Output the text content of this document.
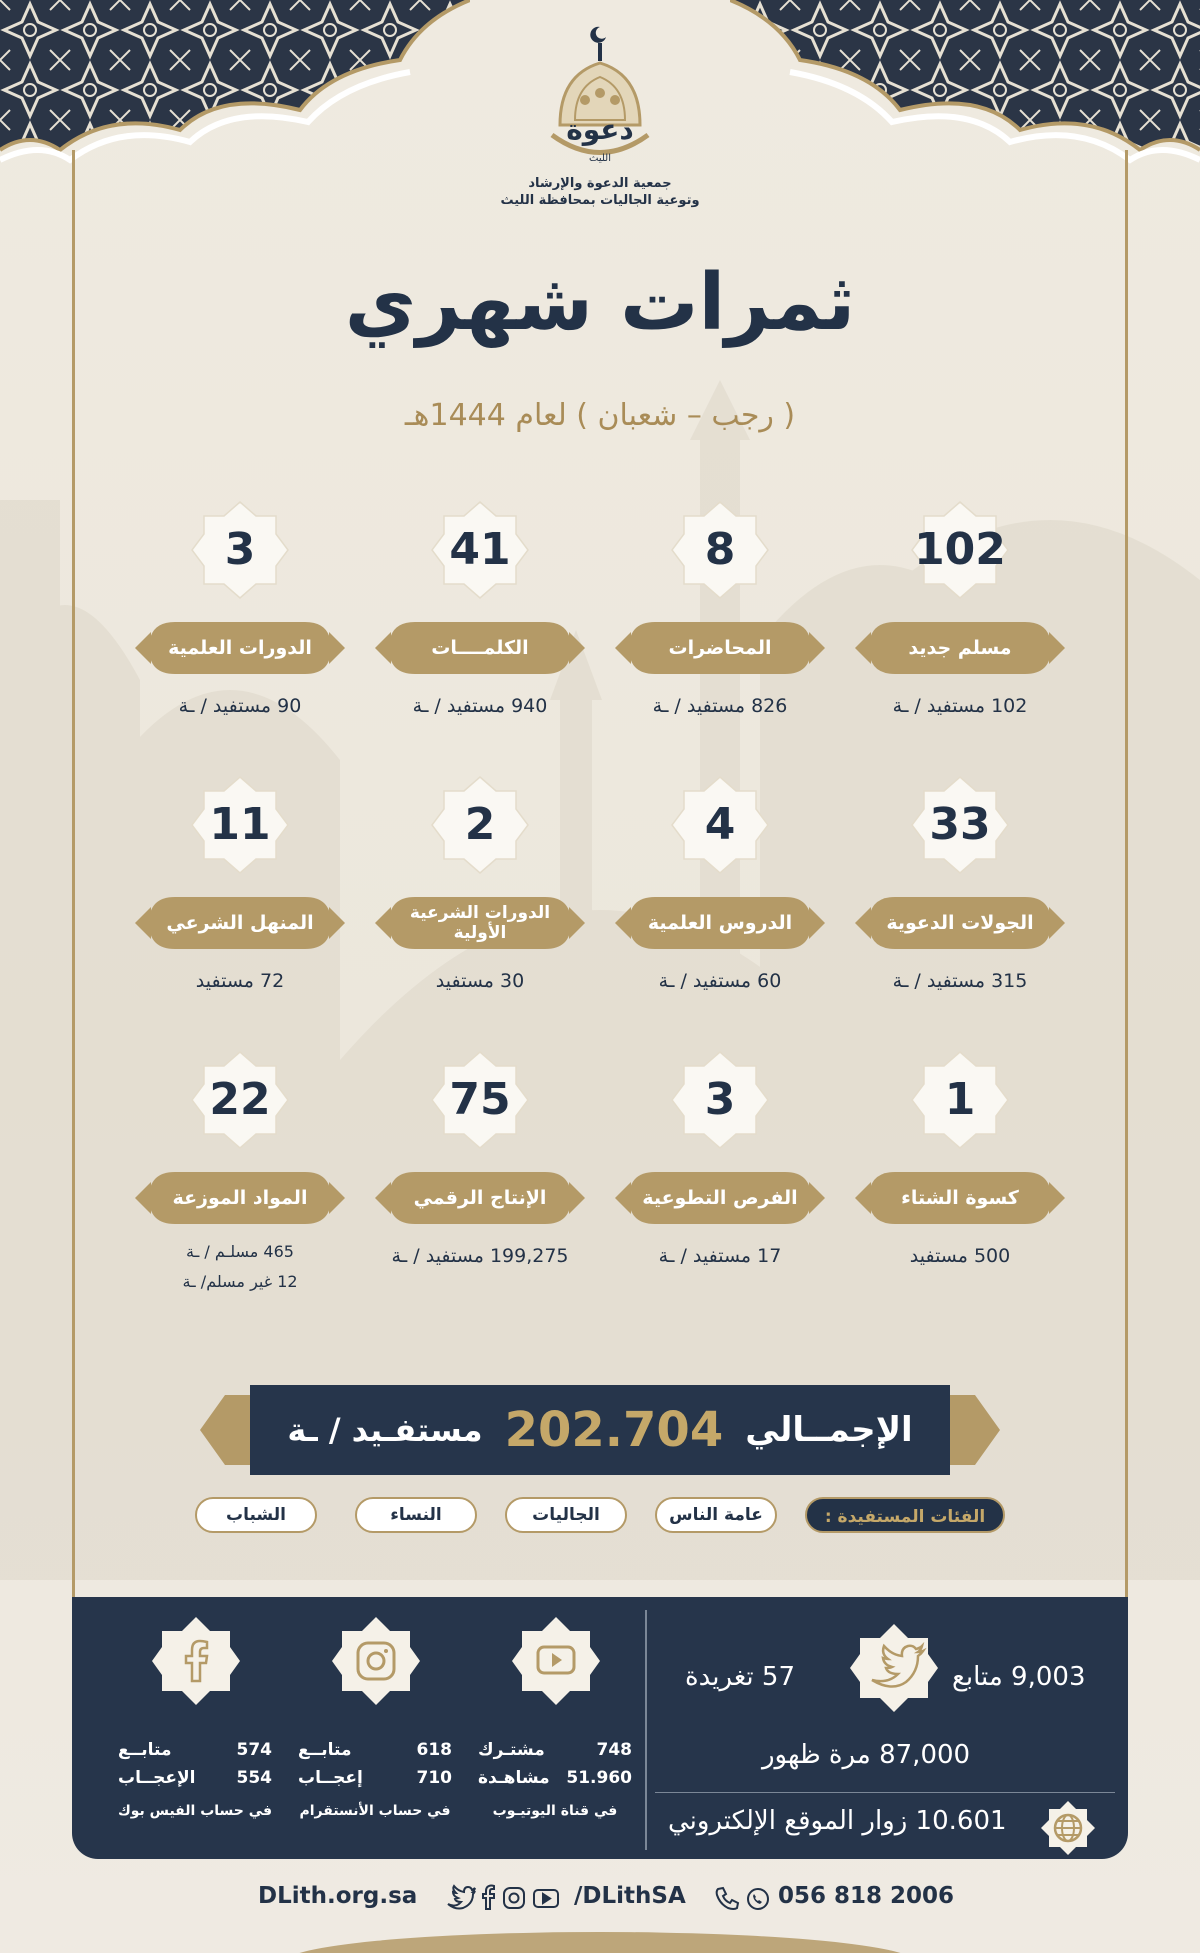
دعوة
الليث
جمعية الدعوة والإرشاد
وتوعية الجاليات بمحافظة الليث
ثمرات شهري
( رجب – شعبان ) لعام 1444هـ
102
مسلم جديد
102 مستفيد / ـة
8
المحاضرات
826 مستفيد / ـة
41
الكلمــــات
940 مستفيد / ـة
3
الدورات العلمية
90 مستفيد / ـة
33
الجولات الدعوية
315 مستفيد / ـة
4
الدروس العلمية
60 مستفيد / ـة
2
الدورات الشرعية الأولية
30 مستفيد
11
المنهل الشرعي
72 مستفيد
1
كسوة الشتاء
500 مستفيد
3
الفرص التطوعية
17 مستفيد / ـة
75
الإنتاج الرقمي
199,275 مستفيد / ـة
22
المواد الموزعة
465 مسلـم / ـة
12 غير مسلم/ ـة
الإجمــالي
202.704
مستفـيد / ـة
الفئات المستفيدة :
عامة الناس
الجاليات
النساء
الشباب
748
مشتـرك
51.960
مشاهـدة
في قناة اليوتيـوب
618
متابــع
710
إعجــاب
في حساب الأنستقرام
574
متابــع
554
الإعجــاب
في حساب الفيس بوك
9,003 متابع
57 تغريدة
87,000 مرة ظهور
10.601 زوار الموقع الإلكتروني
DLith.org.sa	/DLithSA	056 818 2006
